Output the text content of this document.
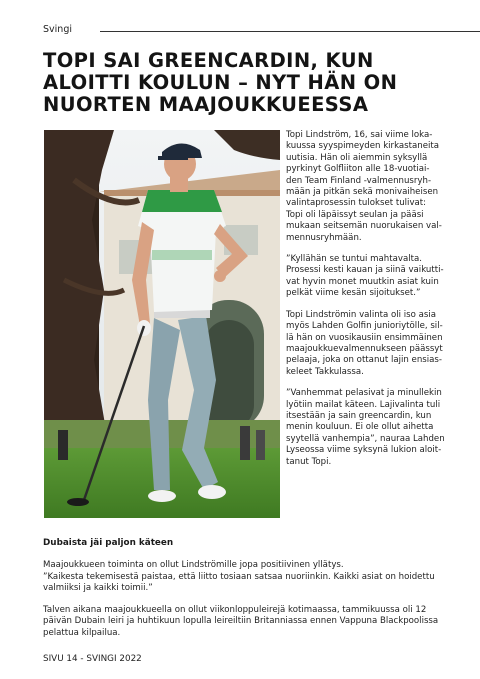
Svingi
TOPI SAI GREENCARDIN, KUN
ALOITTI KOULUN – NYT HÄN ON
NUORTEN MAAJOUKKUEESSA

Topi Lindström, 16, sai viime loka-
kuussa syyspimeyden kirkastaneita
uutisia. Hän oli aiemmin syksyllä
pyrkinyt Golfliiton alle 18-vuotiai-
den Team Finland -valmennusryh-
mään ja pitkän sekä monivaiheisen
valintaprosessin tulokset tulivat:
Topi oli läpäissyt seulan ja pääsi
mukaan seitsemän nuorukaisen val-
mennusryhmään.

”Kyllähän se tuntui mahtavalta.
Prosessi kesti kauan ja siinä vaikutti-
vat hyvin monet muutkin asiat kuin
pelkät viime kesän sijoitukset.”

Topi Lindströmin valinta oli iso asia
myös Lahden Golfin junioriytölle, sil-
lä hän on vuosikausiin ensimmäinen
maajoukkuevalmennukseen päässyt
pelaaja, joka on ottanut lajin ensias-
keleet Takkulassa.

”Vanhemmat pelasivat ja minullekin
lyötiin mailat käteen. Lajivalinta tuli
itsestään ja sain greencardin, kun
menin kouluun. Ei ole ollut aihetta
syytellä vanhempia”, nauraa Lahden
Lyseossa viime syksynä lukion aloit-
tanut Topi.

Dubaista jäi paljon käteen

Maajoukkueen toiminta on ollut Lindströmille jopa positiivinen yllätys.
”Kaikesta tekemisestä paistaa, että liitto tosiaan satsaa nuoriinkin. Kaikki asiat on hoidettu
valmiiksi ja kaikki toimii.”

Talven aikana maajoukkueella on ollut viikonloppuleirejä kotimaassa, tammikuussa oli 12
päivän Dubain leiri ja huhtikuun lopulla leireiltiin Britanniassa ennen Vappuna Blackpoolissa
pelattua kilpailua.

SIVU 14 - SVINGI 2022
